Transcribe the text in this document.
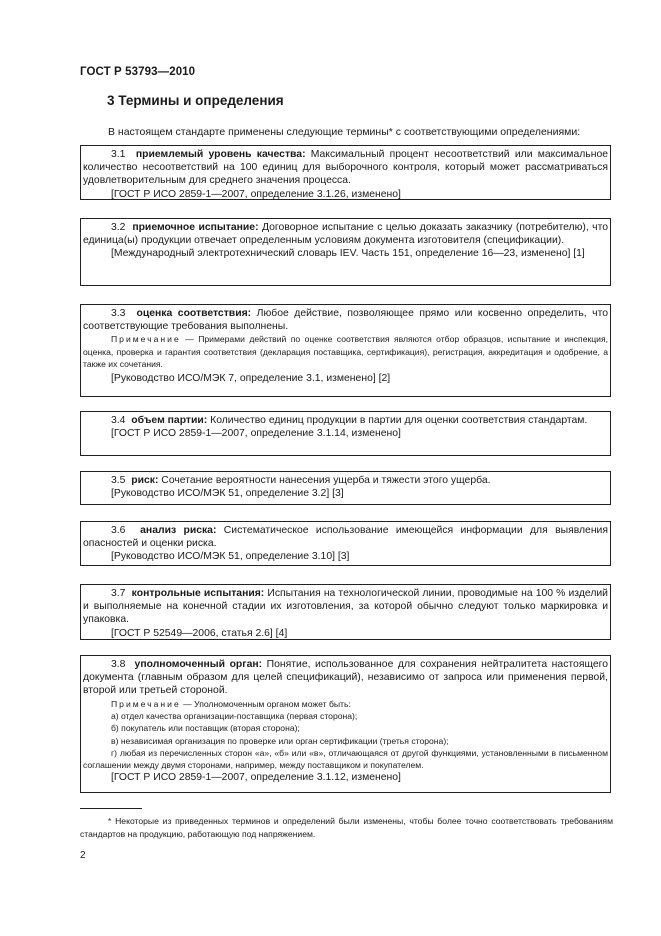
ГОСТ Р 53793—2010
3 Термины и определения
В настоящем стандарте применены следующие термины* с соответствующими определениями:

3.1 приемлемый уровень качества: Максимальный процент несоответствий или максимальное количество несоответствий на 100 единиц для выборочного контроля, который может рассматриваться удовлетворительным для среднего значения процесса.

[ГОСТ Р ИСО 2859-1—2007, определение 3.1.26, изменено]

3.2 приемочное испытание: Договорное испытание с целью доказать заказчику (потребителю), что единица(ы) продукции отвечает определенным условиям документа изготовителя (спецификации).

[Международный электротехнический словарь IEV. Часть 151, определение 16—23, изменено] [1]

3.3 оценка соответствия: Любое действие, позволяющее прямо или косвенно определить, что соответствующие требования выполнены.

Примечание — Примерами действий по оценке соответствия являются отбор образцов, испытание и инспекция, оценка, проверка и гарантия соответствия (декларация поставщика, сертификация), регистрация, аккредитация и одобрение, а также их сочетания.

[Руководство ИСО/МЭК 7, определение 3.1, изменено] [2]

3.4 объем партии: Количество единиц продукции в партии для оценки соответствия стандартам.

[ГОСТ Р ИСО 2859-1—2007, определение 3.1.14, изменено]

3.5 риск: Сочетание вероятности нанесения ущерба и тяжести этого ущерба.

[Руководство ИСО/МЭК 51, определение 3.2] [3]

3.6 анализ риска: Систематическое использование имеющейся информации для выявления опасностей и оценки риска.

[Руководство ИСО/МЭК 51, определение 3.10] [3]

3.7 контрольные испытания: Испытания на технологической линии, проводимые на 100 % изделий и выполняемые на конечной стадии их изготовления, за которой обычно следуют только маркировка и упаковка.

[ГОСТ Р 52549—2006, статья 2.6] [4]

3.8 уполномоченный орган: Понятие, использованное для сохранения нейтралитета настоящего документа (главным образом для целей спецификаций), независимо от запроса или применения первой, второй или третьей стороной.

Примечание — Уполномоченным органом может быть:

а) отдел качества организации-поставщика (первая сторона);

б) покупатель или поставщик (вторая сторона);

в) независимая организация по проверке или орган сертификации (третья сторона);

г) любая из перечисленных сторон «а», «б» или «в», отличающаяся от другой функциями, установленными в письменном соглашении между двумя сторонами, например, между поставщиком и покупателем.

[ГОСТ Р ИСО 2859-1—2007, определение 3.1.12, изменено]

* Некоторые из приведенных терминов и определений были изменены, чтобы более точно соответствовать требованиям стандартов на продукцию, работающую под напряжением.

2
